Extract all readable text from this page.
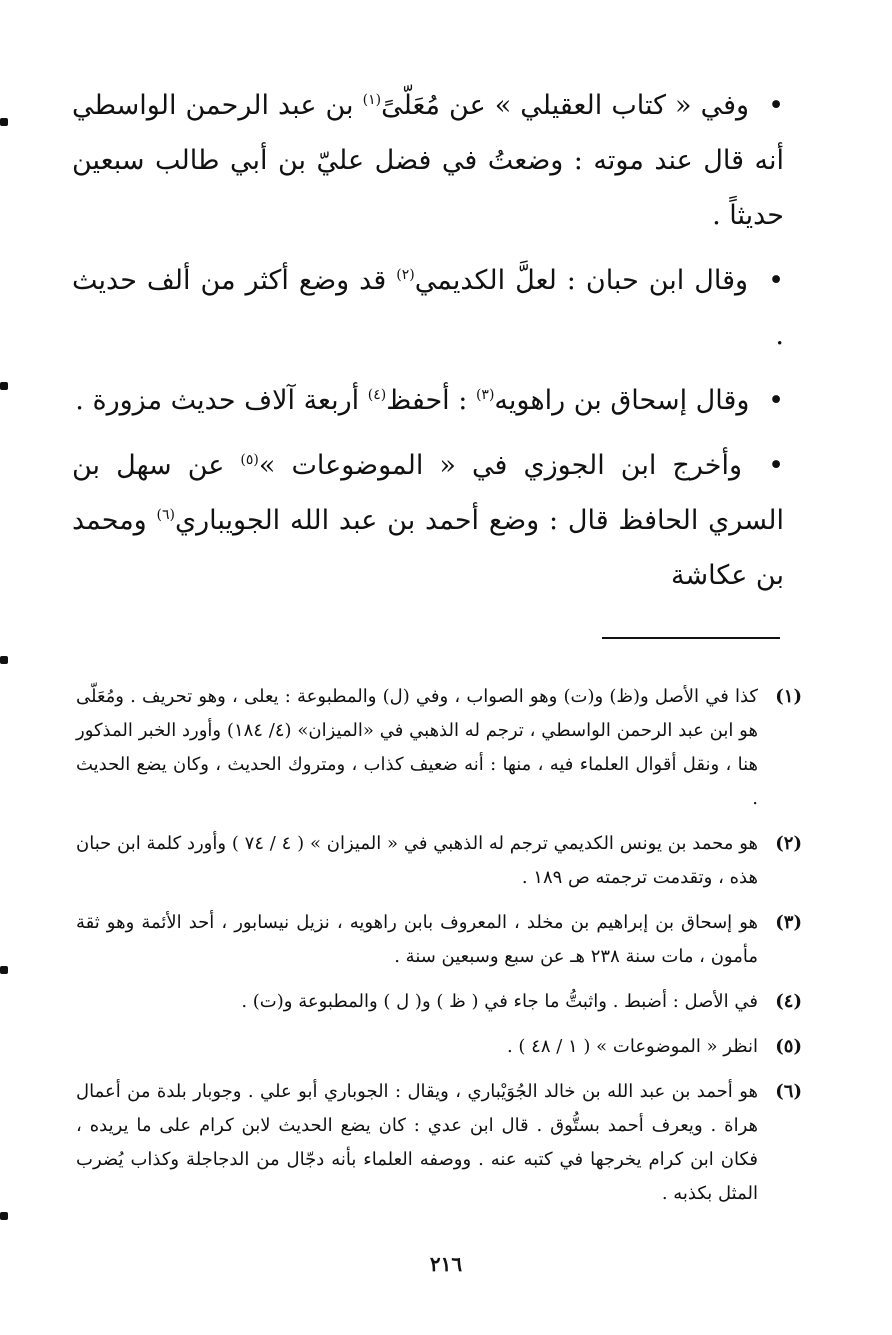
• وفي « كتاب العقيلي » عن مُعَلّىً$^{(١)}$ بن عبد الرحمن الواسطي أنه قال عند موته : وضعتُ في فضل عليّ بن أبي طالب سبعين حديثاً .

• وقال ابن حبان : لعلَّ الكديمي$^{(٢)}$ قد وضع أكثر من ألف حديث .

• وقال إسحاق بن راهويه$^{(٣)}$ : أحفظ$^{(٤)}$ أربعة آلاف حديث مزورة .

• وأخرج ابن الجوزي في « الموضوعات »$^{(٥)}$ عن سهل بن السري الحافظ قال : وضع أحمد بن عبد الله الجويباري$^{(٦)}$ ومحمد بن عكاشة

(١)
كذا في الأصل و(ظ) و(ت) وهو الصواب ، وفي (ل) والمطبوعة : يعلى ، وهو تحريف . ومُعَلّى هو ابن عبد الرحمن الواسطي ، ترجم له الذهبي في «الميزان» (٤/ ١٨٤) وأورد الخبر المذكور هنا ، ونقل أقوال العلماء فيه ، منها : أنه ضعيف كذاب ، ومتروك الحديث ، وكان يضع الحديث .
(٢)
هو محمد بن يونس الكديمي ترجم له الذهبي في « الميزان » ( ٤ / ٧٤ ) وأورد كلمة ابن حبان هذه ، وتقدمت ترجمته ص ١٨٩ .
(٣)
هو إسحاق بن إبراهيم بن مخلد ، المعروف بابن راهويه ، نزيل نيسابور ، أحد الأئمة وهو ثقة مأمون ، مات سنة ٢٣٨ هـ عن سبع وسبعين سنة .
(٤)
في الأصل : أضبط . واثبتُّ ما جاء في ( ظ ) و( ل ) والمطبوعة و(ت) .
(٥)
انظر « الموضوعات » ( ١ / ٤٨ ) .
(٦)
هو أحمد بن عبد الله بن خالد الجُوَيْباري ، ويقال : الجوباري أبو علي . وجوبار بلدة من أعمال هراة . ويعرف أحمد بستُّوق . قال ابن عدي : كان يضع الحديث لابن كرام على ما يريده ، فكان ابن كرام يخرجها في كتبه عنه . ووصفه العلماء بأنه دجّال من الدجاجلة وكذاب يُضرب المثل بكذبه .
٢١٦
